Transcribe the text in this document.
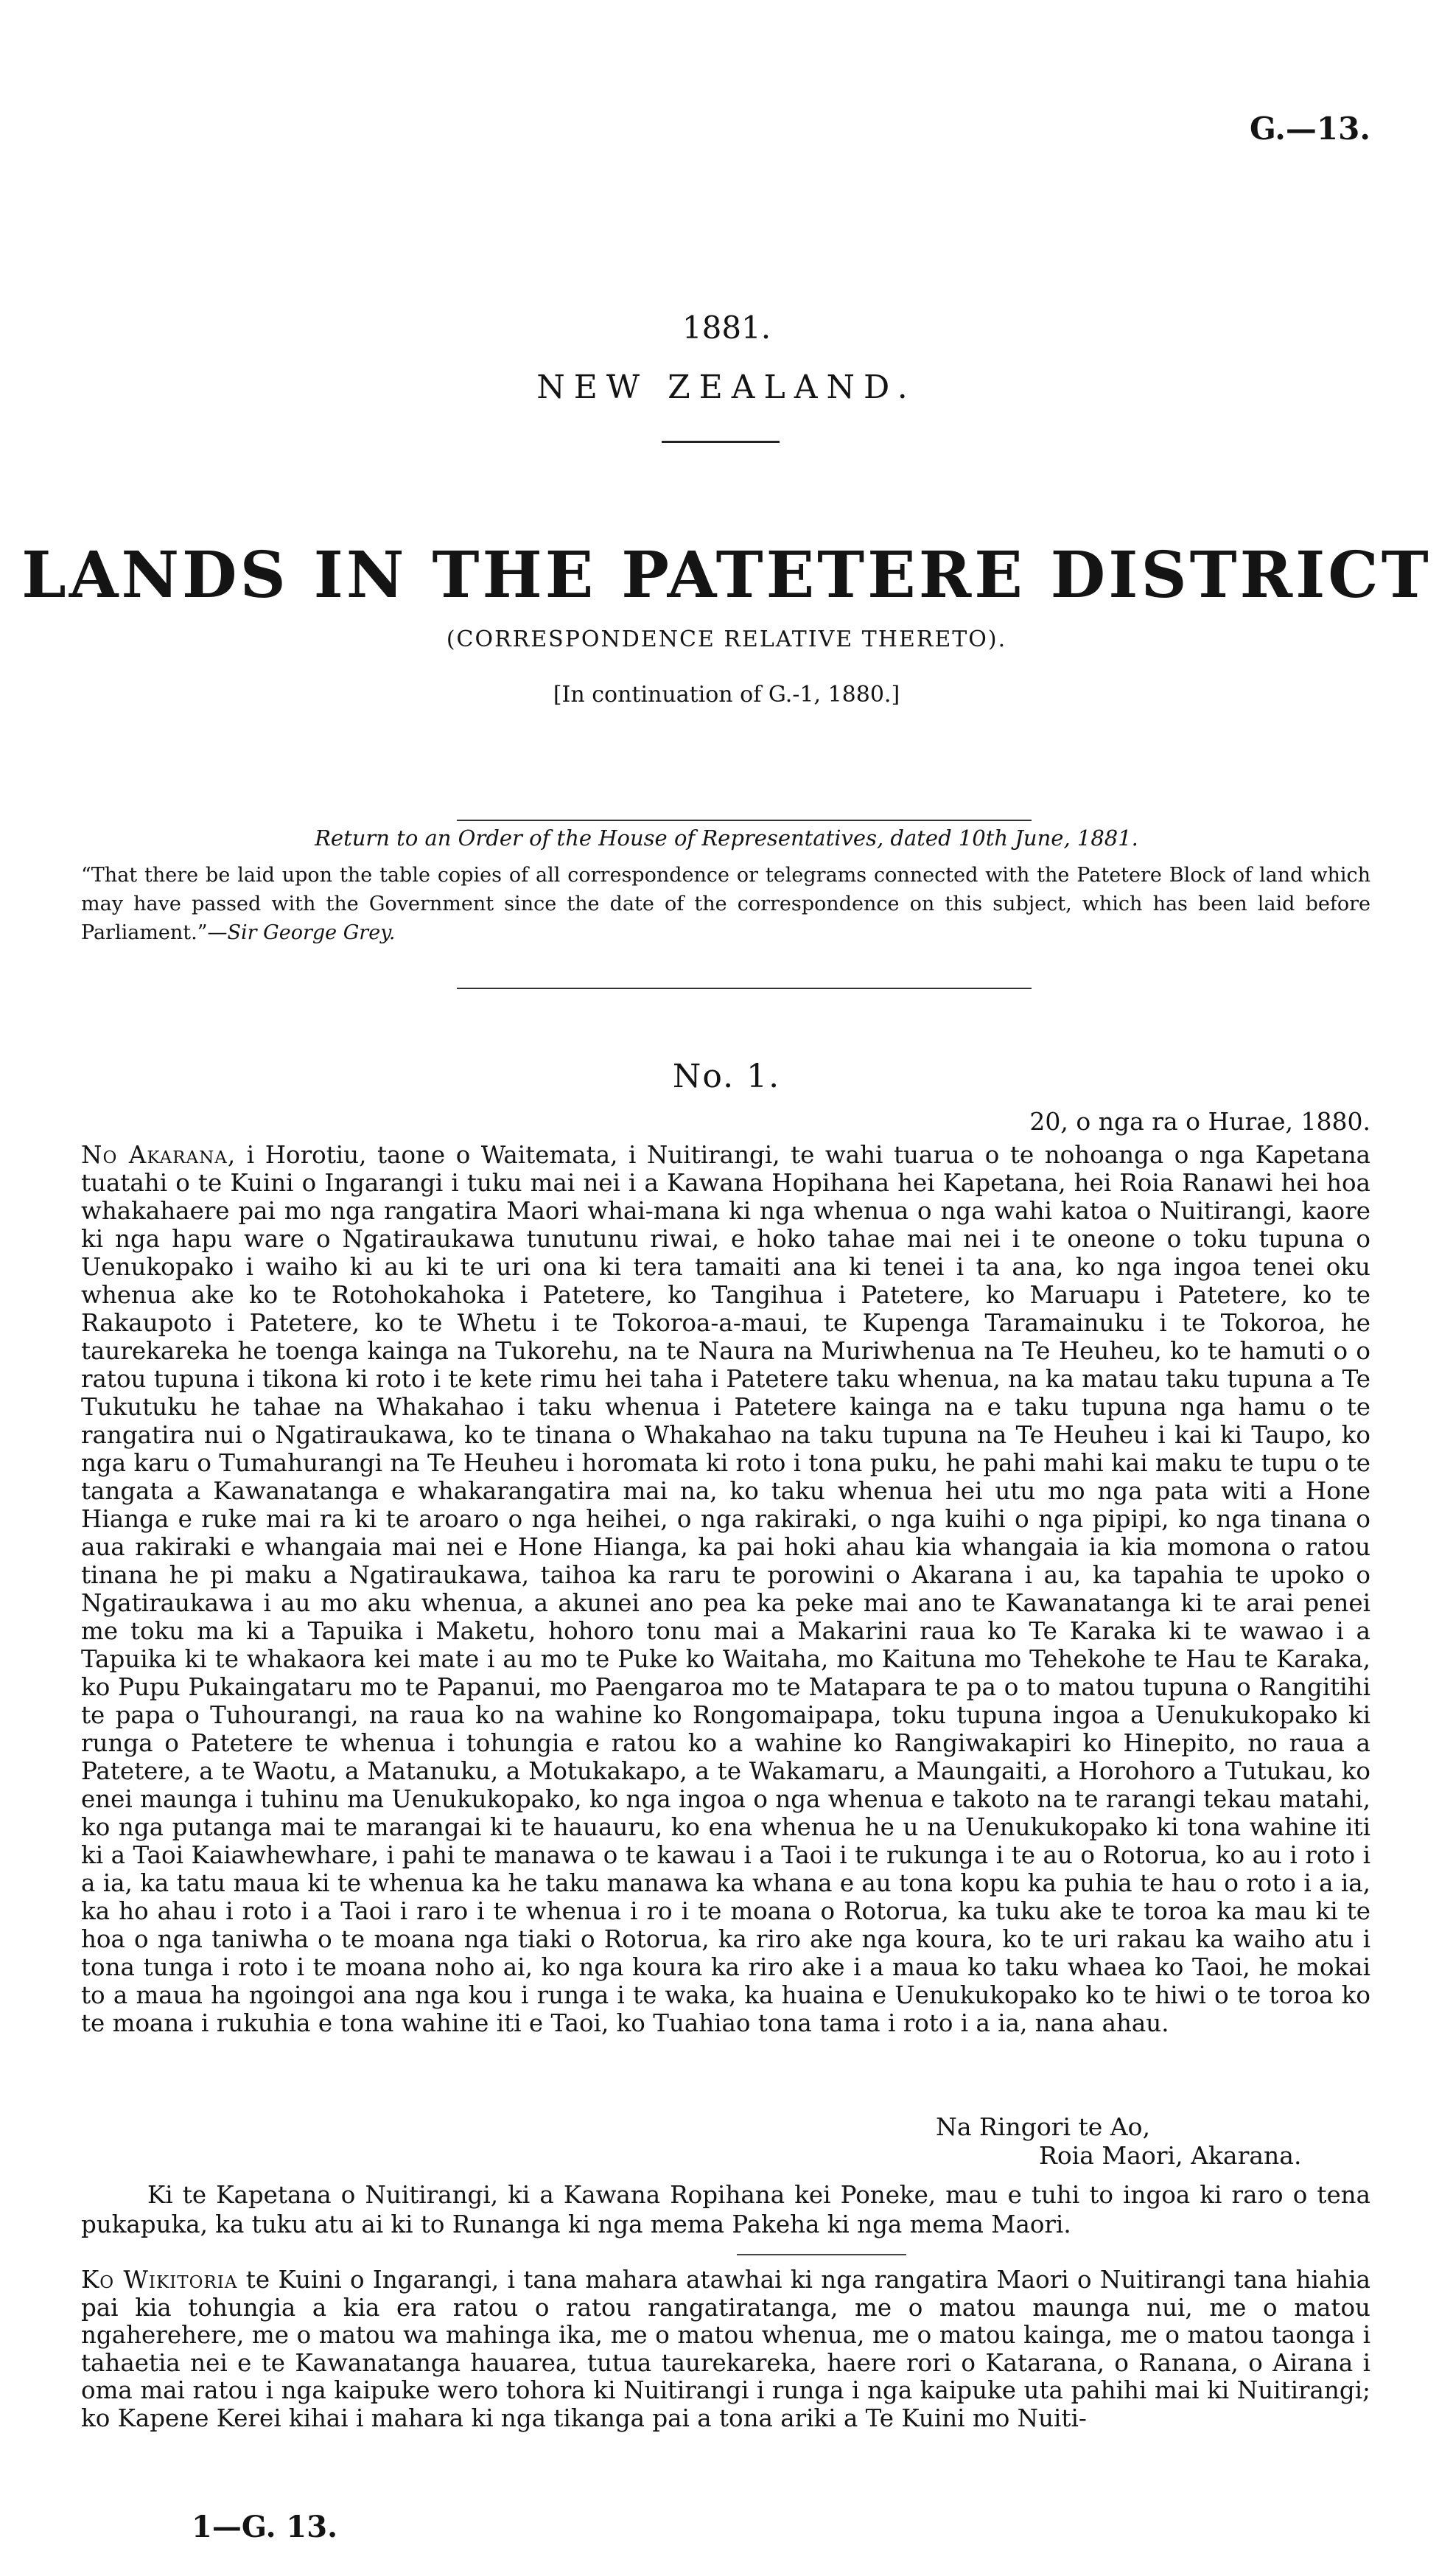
G.—13.
1881.
NEW ZEALAND.
LANDS IN THE PATETERE DISTRICT
(CORRESPONDENCE RELATIVE THERETO).
[In continuation of G.-1, 1880.]
Return to an Order of the House of Representatives, dated 10th June, 1881.
“That there be laid upon the table copies of all correspondence or telegrams connected with the Patetere Block of land which may have passed with the Government since the date of the correspondence on this subject, which has been laid before Parliament.”—Sir George Grey.
No. 1.
20, o nga ra o Hurae, 1880.
No Akarana, i Horotiu, taone o Waitemata, i Nuitirangi, te wahi tuarua o te nohoanga o nga Kapetana tuatahi o te Kuini o Ingarangi i tuku mai nei i a Kawana Hopihana hei Kapetana, hei Roia Ranawi hei hoa whakahaere pai mo nga rangatira Maori whai-mana ki nga whenua o nga wahi katoa o Nuitirangi, kaore ki nga hapu ware o Ngatiraukawa tunutunu riwai, e hoko tahae mai nei i te oneone o toku tupuna o Uenukopako i waiho ki au ki te uri ona ki tera tamaiti ana ki tenei i ta ana, ko nga ingoa tenei oku whenua ake ko te Rotohokahoka i Patetere, ko Tangihua i Patetere, ko Maruapu i Patetere, ko te Rakaupoto i Patetere, ko te Whetu i te Tokoroa-a-maui, te Kupenga Taramainuku i te Tokoroa, he taurekareka he toenga kainga na Tukorehu, na te Naura na Muriwhenua na Te Heuheu, ko te hamuti o o ratou tupuna i tikona ki roto i te kete rimu hei taha i Patetere taku whenua, na ka matau taku tupuna a Te Tukutuku he tahae na Whakahao i taku whenua i Patetere kainga na e taku tupuna nga hamu o te rangatira nui o Ngatiraukawa, ko te tinana o Whakahao na taku tupuna na Te Heuheu i kai ki Taupo, ko nga karu o Tumahurangi na Te Heuheu i horomata ki roto i tona puku, he pahi mahi kai maku te tupu o te tangata a Kawanatanga e whakarangatira mai na, ko taku whenua hei utu mo nga pata witi a Hone Hianga e ruke mai ra ki te aroaro o nga heihei, o nga rakiraki, o nga kuihi o nga pipipi, ko nga tinana o aua rakiraki e whangaia mai nei e Hone Hianga, ka pai hoki ahau kia whangaia ia kia momona o ratou tinana he pi maku a Ngatiraukawa, taihoa ka raru te porowini o Akarana i au, ka tapahia te upoko o Ngatiraukawa i au mo aku whenua, a akunei ano pea ka peke mai ano te Kawanatanga ki te arai penei me toku ma ki a Tapuika i Maketu, hohoro tonu mai a Makarini raua ko Te Karaka ki te wawao i a Tapuika ki te whakaora kei mate i au mo te Puke ko Waitaha, mo Kaituna mo Tehekohe te Hau te Karaka, ko Pupu Pukaingataru mo te Papanui, mo Paengaroa mo te Matapara te pa o to matou tupuna o Rangitihi te papa o Tuhourangi, na raua ko na wahine ko Rongomaipapa, toku tupuna ingoa a Uenukukopako ki runga o Patetere te whenua i tohungia e ratou ko a wahine ko Rangiwakapiri ko Hinepito, no raua a Patetere, a te Waotu, a Matanuku, a Motukakapo, a te Wakamaru, a Maungaiti, a Horohoro a Tutukau, ko enei maunga i tuhinu ma Uenukukopako, ko nga ingoa o nga whenua e takoto na te rarangi tekau matahi, ko nga putanga mai te marangai ki te hauauru, ko ena whenua he u na Uenukukopako ki tona wahine iti ki a Taoi Kaiawhewhare, i pahi te manawa o te kawau i a Taoi i te rukunga i te au o Rotorua, ko au i roto i a ia, ka tatu maua ki te whenua ka he taku manawa ka whana e au tona kopu ka puhia te hau o roto i a ia, ka ho ahau i roto i a Taoi i raro i te whenua i ro i te moana o Rotorua, ka tuku ake te toroa ka mau ki te hoa o nga taniwha o te moana nga tiaki o Rotorua, ka riro ake nga koura, ko te uri rakau ka waiho atu i tona tunga i roto i te moana noho ai, ko nga koura ka riro ake i a maua ko taku whaea ko Taoi, he mokai to a maua ha ngoingoi ana nga kou i runga i te waka, ka huaina e Uenukukopako ko te hiwi o te toroa ko te moana i rukuhia e tona wahine iti e Taoi, ko Tuahiao tona tama i roto i a ia, nana ahau.
Na Ringori te Ao,
Roia Maori, Akarana.
Ki te Kapetana o Nuitirangi, ki a Kawana Ropihana kei Poneke, mau e tuhi to ingoa ki raro o tena pukapuka, ka tuku atu ai ki to Runanga ki nga mema Pakeha ki nga mema Maori.
Ko Wikitoria te Kuini o Ingarangi, i tana mahara atawhai ki nga rangatira Maori o Nuitirangi tana hiahia pai kia tohungia a kia era ratou o ratou rangatiratanga, me o matou maunga nui, me o matou ngaherehere, me o matou wa mahinga ika, me o matou whenua, me o matou kainga, me o matou taonga i tahaetia nei e te Kawanatanga hauarea, tutua taurekareka, haere rori o Katarana, o Ranana, o Airana i oma mai ratou i nga kaipuke wero tohora ki Nuitirangi i runga i nga kaipuke uta pahihi mai ki Nuitirangi; ko Kapene Kerei kihai i mahara ki nga tikanga pai a tona ariki a Te Kuini mo Nuiti-
1—G. 13.
